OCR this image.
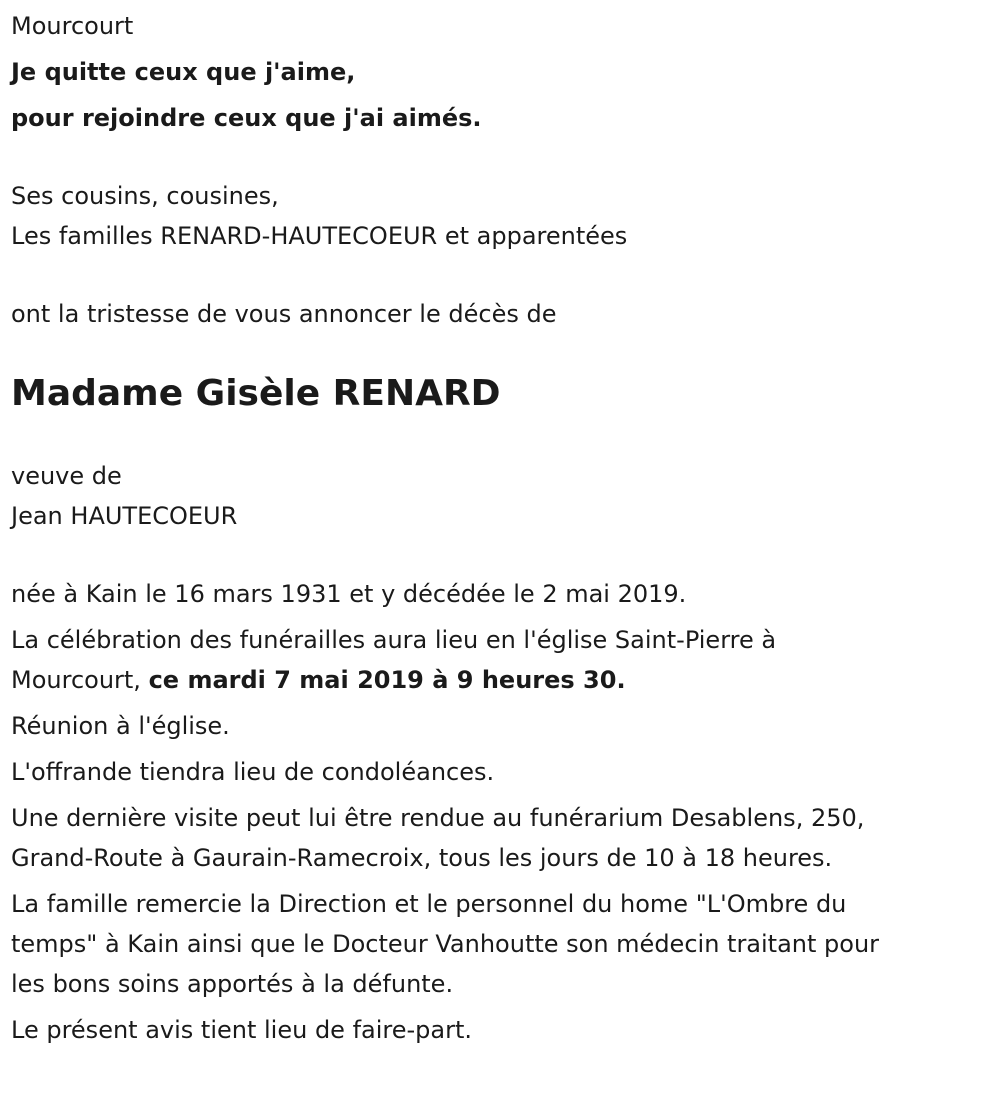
Mourcourt
Je quitte ceux que j'aime,
pour rejoindre ceux que j'ai aimés.
Ses cousins, cousines,
Les familles RENARD-HAUTECOEUR et apparentées
ont la tristesse de vous annoncer le décès de
Madame Gisèle RENARD
veuve de
Jean HAUTECOEUR
née à Kain le 16 mars 1931 et y décédée le 2 mai 2019.
La célébration des funérailles aura lieu en l'église Saint-Pierre à
Mourcourt, ce mardi 7 mai 2019 à 9 heures 30.
Réunion à l'église.
L'offrande tiendra lieu de condoléances.
Une dernière visite peut lui être rendue au funérarium Desablens, 250,
Grand-Route à Gaurain-Ramecroix, tous les jours de 10 à 18 heures.
La famille remercie la Direction et le personnel du home "L'Ombre du
temps" à Kain ainsi que le Docteur Vanhoutte son médecin traitant pour
les bons soins apportés à la défunte.
Le présent avis tient lieu de faire-part.
